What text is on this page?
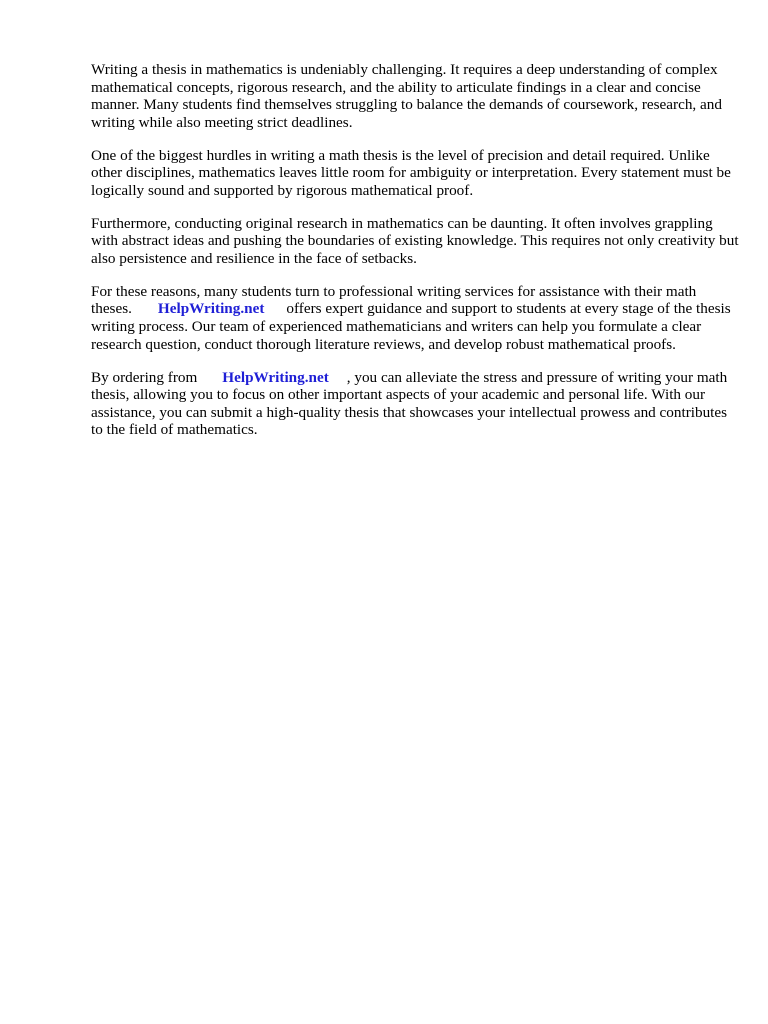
Writing a thesis in mathematics is undeniably challenging. It requires a deep understanding of complex mathematical concepts, rigorous research, and the ability to articulate findings in a clear and concise manner. Many students find themselves struggling to balance the demands of coursework, research, and writing while also meeting strict deadlines.

One of the biggest hurdles in writing a math thesis is the level of precision and detail required. Unlike other disciplines, mathematics leaves little room for ambiguity or interpretation. Every statement must be logically sound and supported by rigorous mathematical proof.

Furthermore, conducting original research in mathematics can be daunting. It often involves grappling with abstract ideas and pushing the boundaries of existing knowledge. This requires not only creativity but also persistence and resilience in the face of setbacks.

For these reasons, many students turn to professional writing services for assistance with their math theses. HelpWriting.net offers expert guidance and support to students at every stage of the thesis writing process. Our team of experienced mathematicians and writers can help you formulate a clear research question, conduct thorough literature reviews, and develop robust mathematical proofs.

By ordering from HelpWriting.net , you can alleviate the stress and pressure of writing your math thesis, allowing you to focus on other important aspects of your academic and personal life. With our assistance, you can submit a high-quality thesis that showcases your intellectual prowess and contributes to the field of mathematics.
